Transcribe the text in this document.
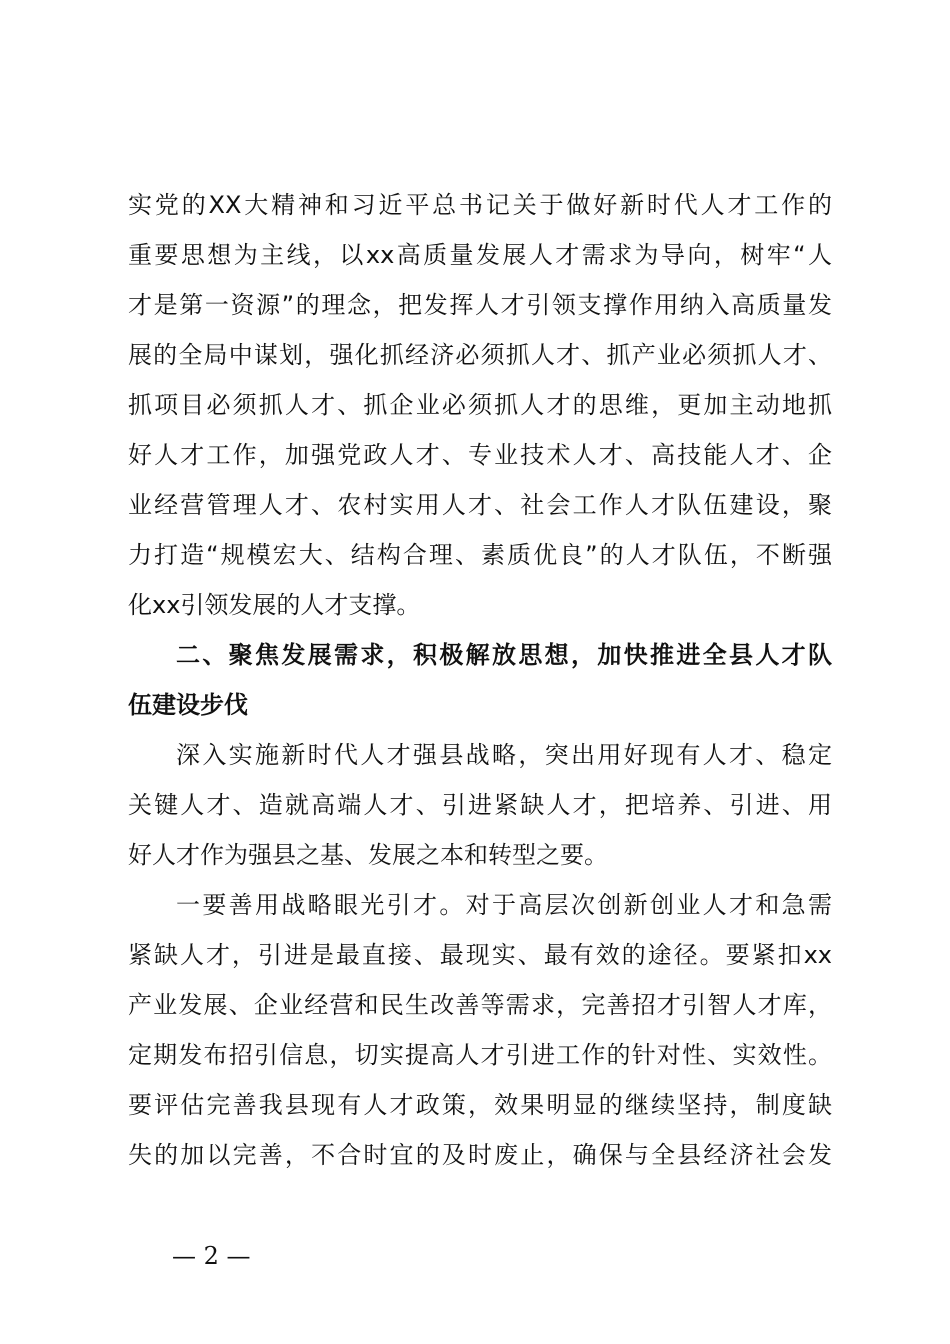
实党的XX大精神和习近平总书记关于做好新时代人才工作的
重要思想为主线，以xx高质量发展人才需求为导向，树牢“人
才是第一资源”的理念，把发挥人才引领支撑作用纳入高质量发
展的全局中谋划，强化抓经济必须抓人才、抓产业必须抓人才、
抓项目必须抓人才、抓企业必须抓人才的思维，更加主动地抓
好人才工作，加强党政人才、专业技术人才、高技能人才、企
业经营管理人才、农村实用人才、社会工作人才队伍建设，聚
力打造“规模宏大、结构合理、素质优良”的人才队伍，不断强
化xx引领发展的人才支撑。
二、聚焦发展需求，积极解放思想，加快推进全县人才队
伍建设步伐
深入实施新时代人才强县战略，突出用好现有人才、稳定
关键人才、造就高端人才、引进紧缺人才，把培养、引进、用
好人才作为强县之基、发展之本和转型之要。
一要善用战略眼光引才。对于高层次创新创业人才和急需
紧缺人才，引进是最直接、最现实、最有效的途径。要紧扣xx
产业发展、企业经营和民生改善等需求，完善招才引智人才库，
定期发布招引信息，切实提高人才引进工作的针对性、实效性。
要评估完善我县现有人才政策，效果明显的继续坚持，制度缺
失的加以完善，不合时宜的及时废止，确保与全县经济社会发
— 2 —
